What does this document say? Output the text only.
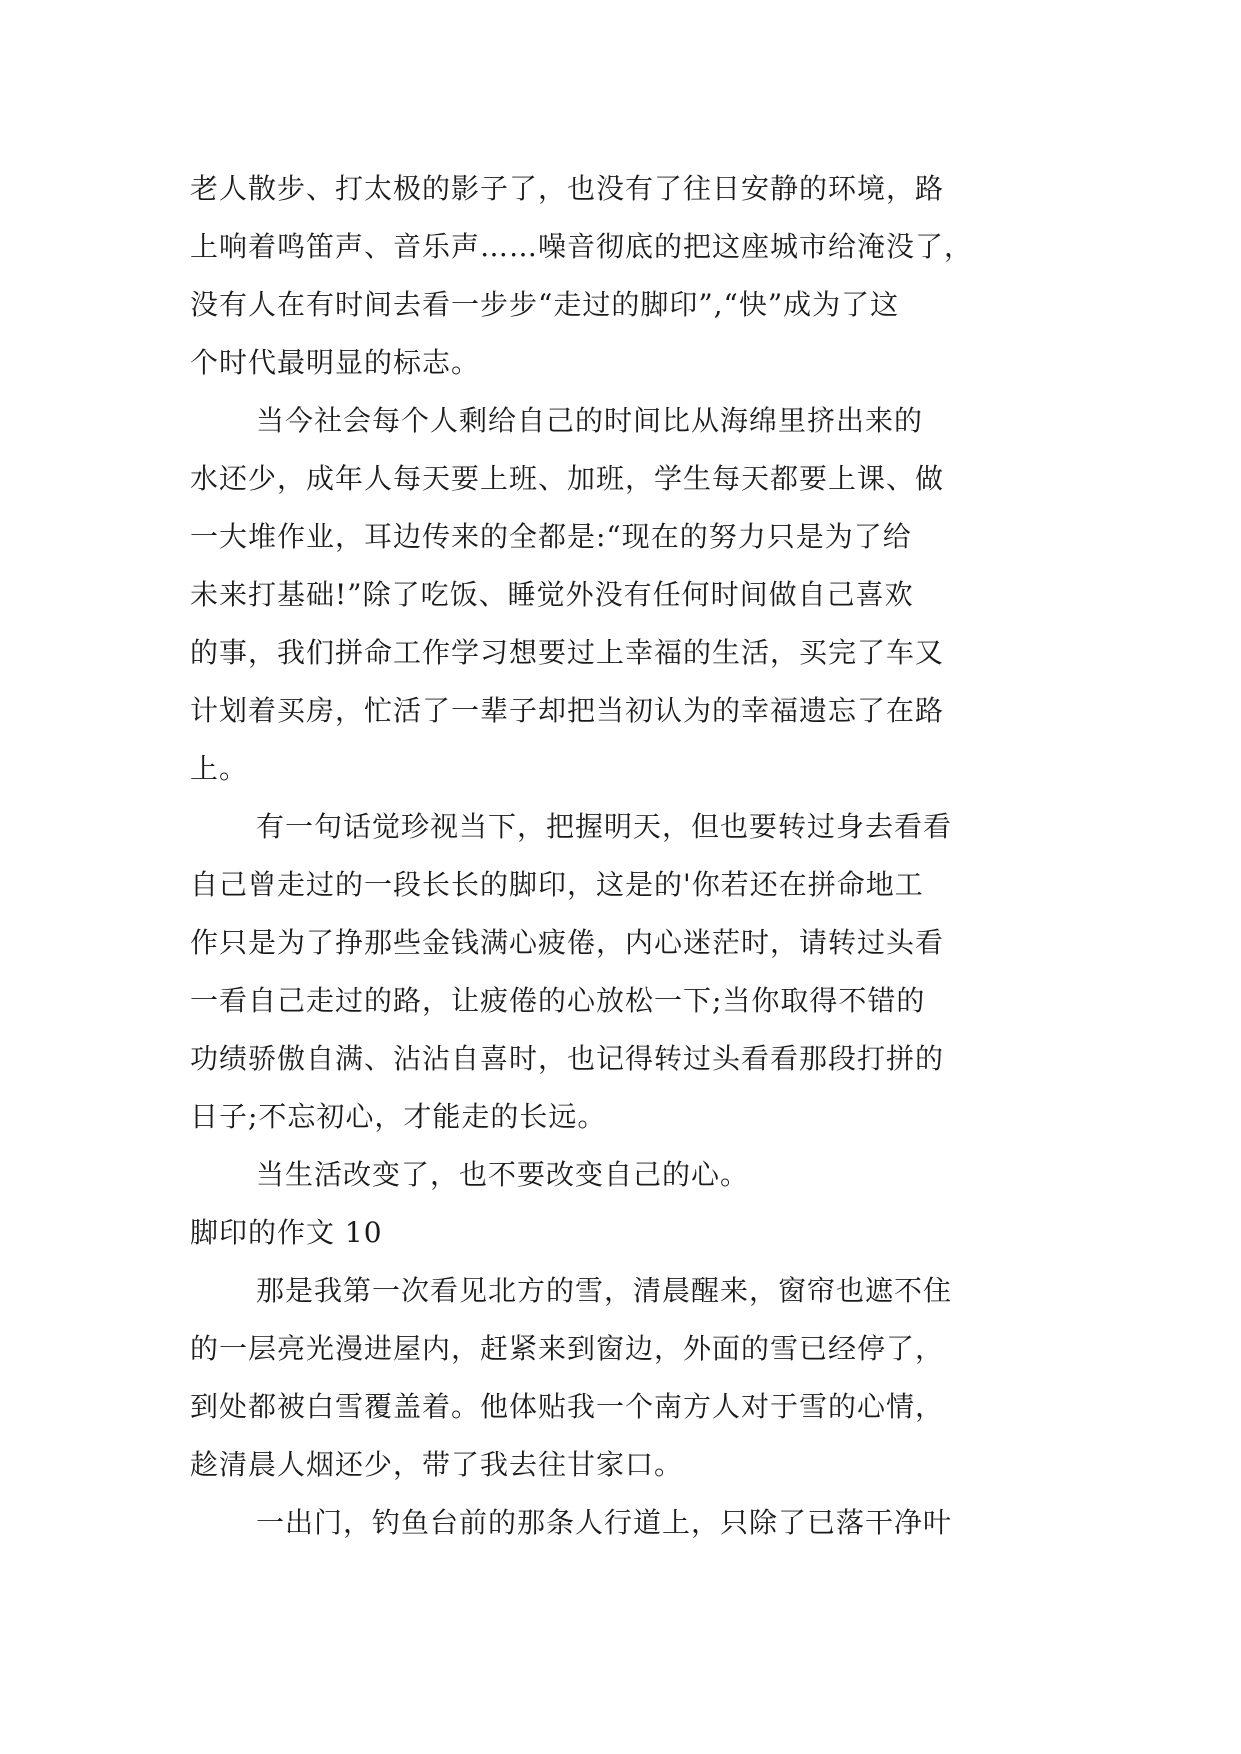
老人散步、打太极的影子了，也没有了往日安静的环境，路
上响着鸣笛声、音乐声……噪音彻底的把这座城市给淹没了，
没有人在有时间去看一步步“走过的脚印”,“快”成为了这
个时代最明显的标志。
当今社会每个人剩给自己的时间比从海绵里挤出来的
水还少，成年人每天要上班、加班，学生每天都要上课、做
一大堆作业，耳边传来的全都是:“现在的努力只是为了给
未来打基础!”除了吃饭、睡觉外没有任何时间做自己喜欢
的事，我们拼命工作学习想要过上幸福的生活，买完了车又
计划着买房，忙活了一辈子却把当初认为的幸福遗忘了在路
上。
有一句话觉珍视当下，把握明天，但也要转过身去看看
自己曾走过的一段长长的脚印，这是的'你若还在拼命地工
作只是为了挣那些金钱满心疲倦，内心迷茫时，请转过头看
一看自己走过的路，让疲倦的心放松一下;当你取得不错的
功绩骄傲自满、沾沾自喜时，也记得转过头看看那段打拼的
日子;不忘初心，才能走的长远。
当生活改变了，也不要改变自己的心。
脚印的作文 10
那是我第一次看见北方的雪，清晨醒来，窗帘也遮不住
的一层亮光漫进屋内，赶紧来到窗边，外面的雪已经停了，
到处都被白雪覆盖着。他体贴我一个南方人对于雪的心情，
趁清晨人烟还少，带了我去往甘家口。
一出门，钓鱼台前的那条人行道上，只除了已落干净叶
